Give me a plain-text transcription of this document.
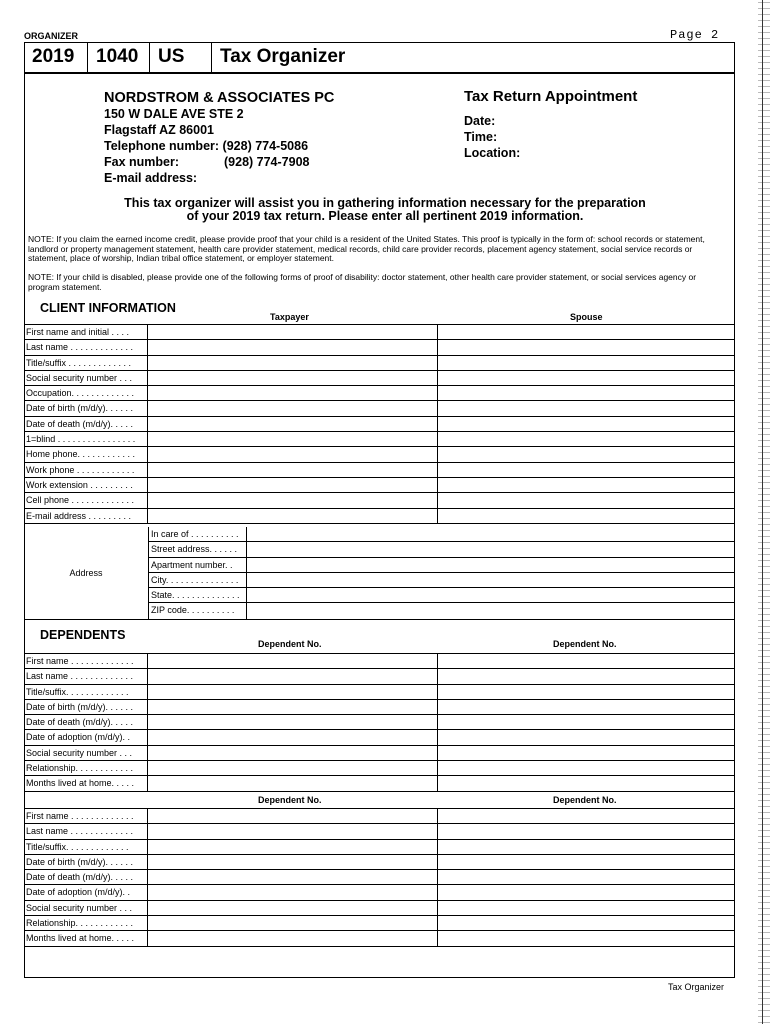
ORGANIZER	Page 2
2019	1040	US	Tax Organizer
NORDSTROM & ASSOCIATES PC
150 W DALE AVE STE 2
Flagstaff AZ 86001
Telephone number: (928) 774-5086
Fax number:	(928) 774-7908
E-mail address:
Tax Return Appointment
Date:
Time:
Location:
This tax organizer will assist you in gathering information necessary for the preparation
of your 2019 tax return. Please enter all pertinent 2019 information.
NOTE: If you claim the earned income credit, please provide proof that your child is a resident of the United States. This proof is typically in the form of: school records or statement, landlord or property management statement, health care provider statement, medical records, child care provider records, placement agency statement, social service records or statement, place of worship, Indian tribal office statement, or employer statement.
NOTE: If your child is disabled, please provide one of the following forms of proof of disability: doctor statement, other health care provider statement, or social services agency or program statement.
CLIENT INFORMATION
Taxpayer	Spouse
First name and initial . . . .
Last name . . . . . . . . . . . . .
Title/suffix . . . . . . . . . . . . .
Social security number . . .
Occupation. . . . . . . . . . . . .
Date of birth (m/d/y). . . . . .
Date of death (m/d/y). . . . .
1=blind . . . . . . . . . . . . . . . .
Home phone. . . . . . . . . . . .
Work phone . . . . . . . . . . . .
Work extension . . . . . . . . .
Cell phone . . . . . . . . . . . . .
E-mail address . . . . . . . . .
Address
In care of . . . . . . . . . .
Street address. . . . . .
Apartment number. .
City. . . . . . . . . . . . . . .
State. . . . . . . . . . . . . .
ZIP code. . . . . . . . . .
DEPENDENTS
Dependent No.	Dependent No.
First name . . . . . . . . . . . . .
Last name . . . . . . . . . . . . .
Title/suffix. . . . . . . . . . . . .
Date of birth (m/d/y). . . . . .
Date of death (m/d/y). . . . .
Date of adoption (m/d/y). .
Social security number . . .
Relationship. . . . . . . . . . . .
Months lived at home. . . . .
Dependent No.	Dependent No.
First name . . . . . . . . . . . . .
Last name . . . . . . . . . . . . .
Title/suffix. . . . . . . . . . . . .
Date of birth (m/d/y). . . . . .
Date of death (m/d/y). . . . .
Date of adoption (m/d/y). .
Social security number . . .
Relationship. . . . . . . . . . . .
Months lived at home. . . . .
Tax Organizer
